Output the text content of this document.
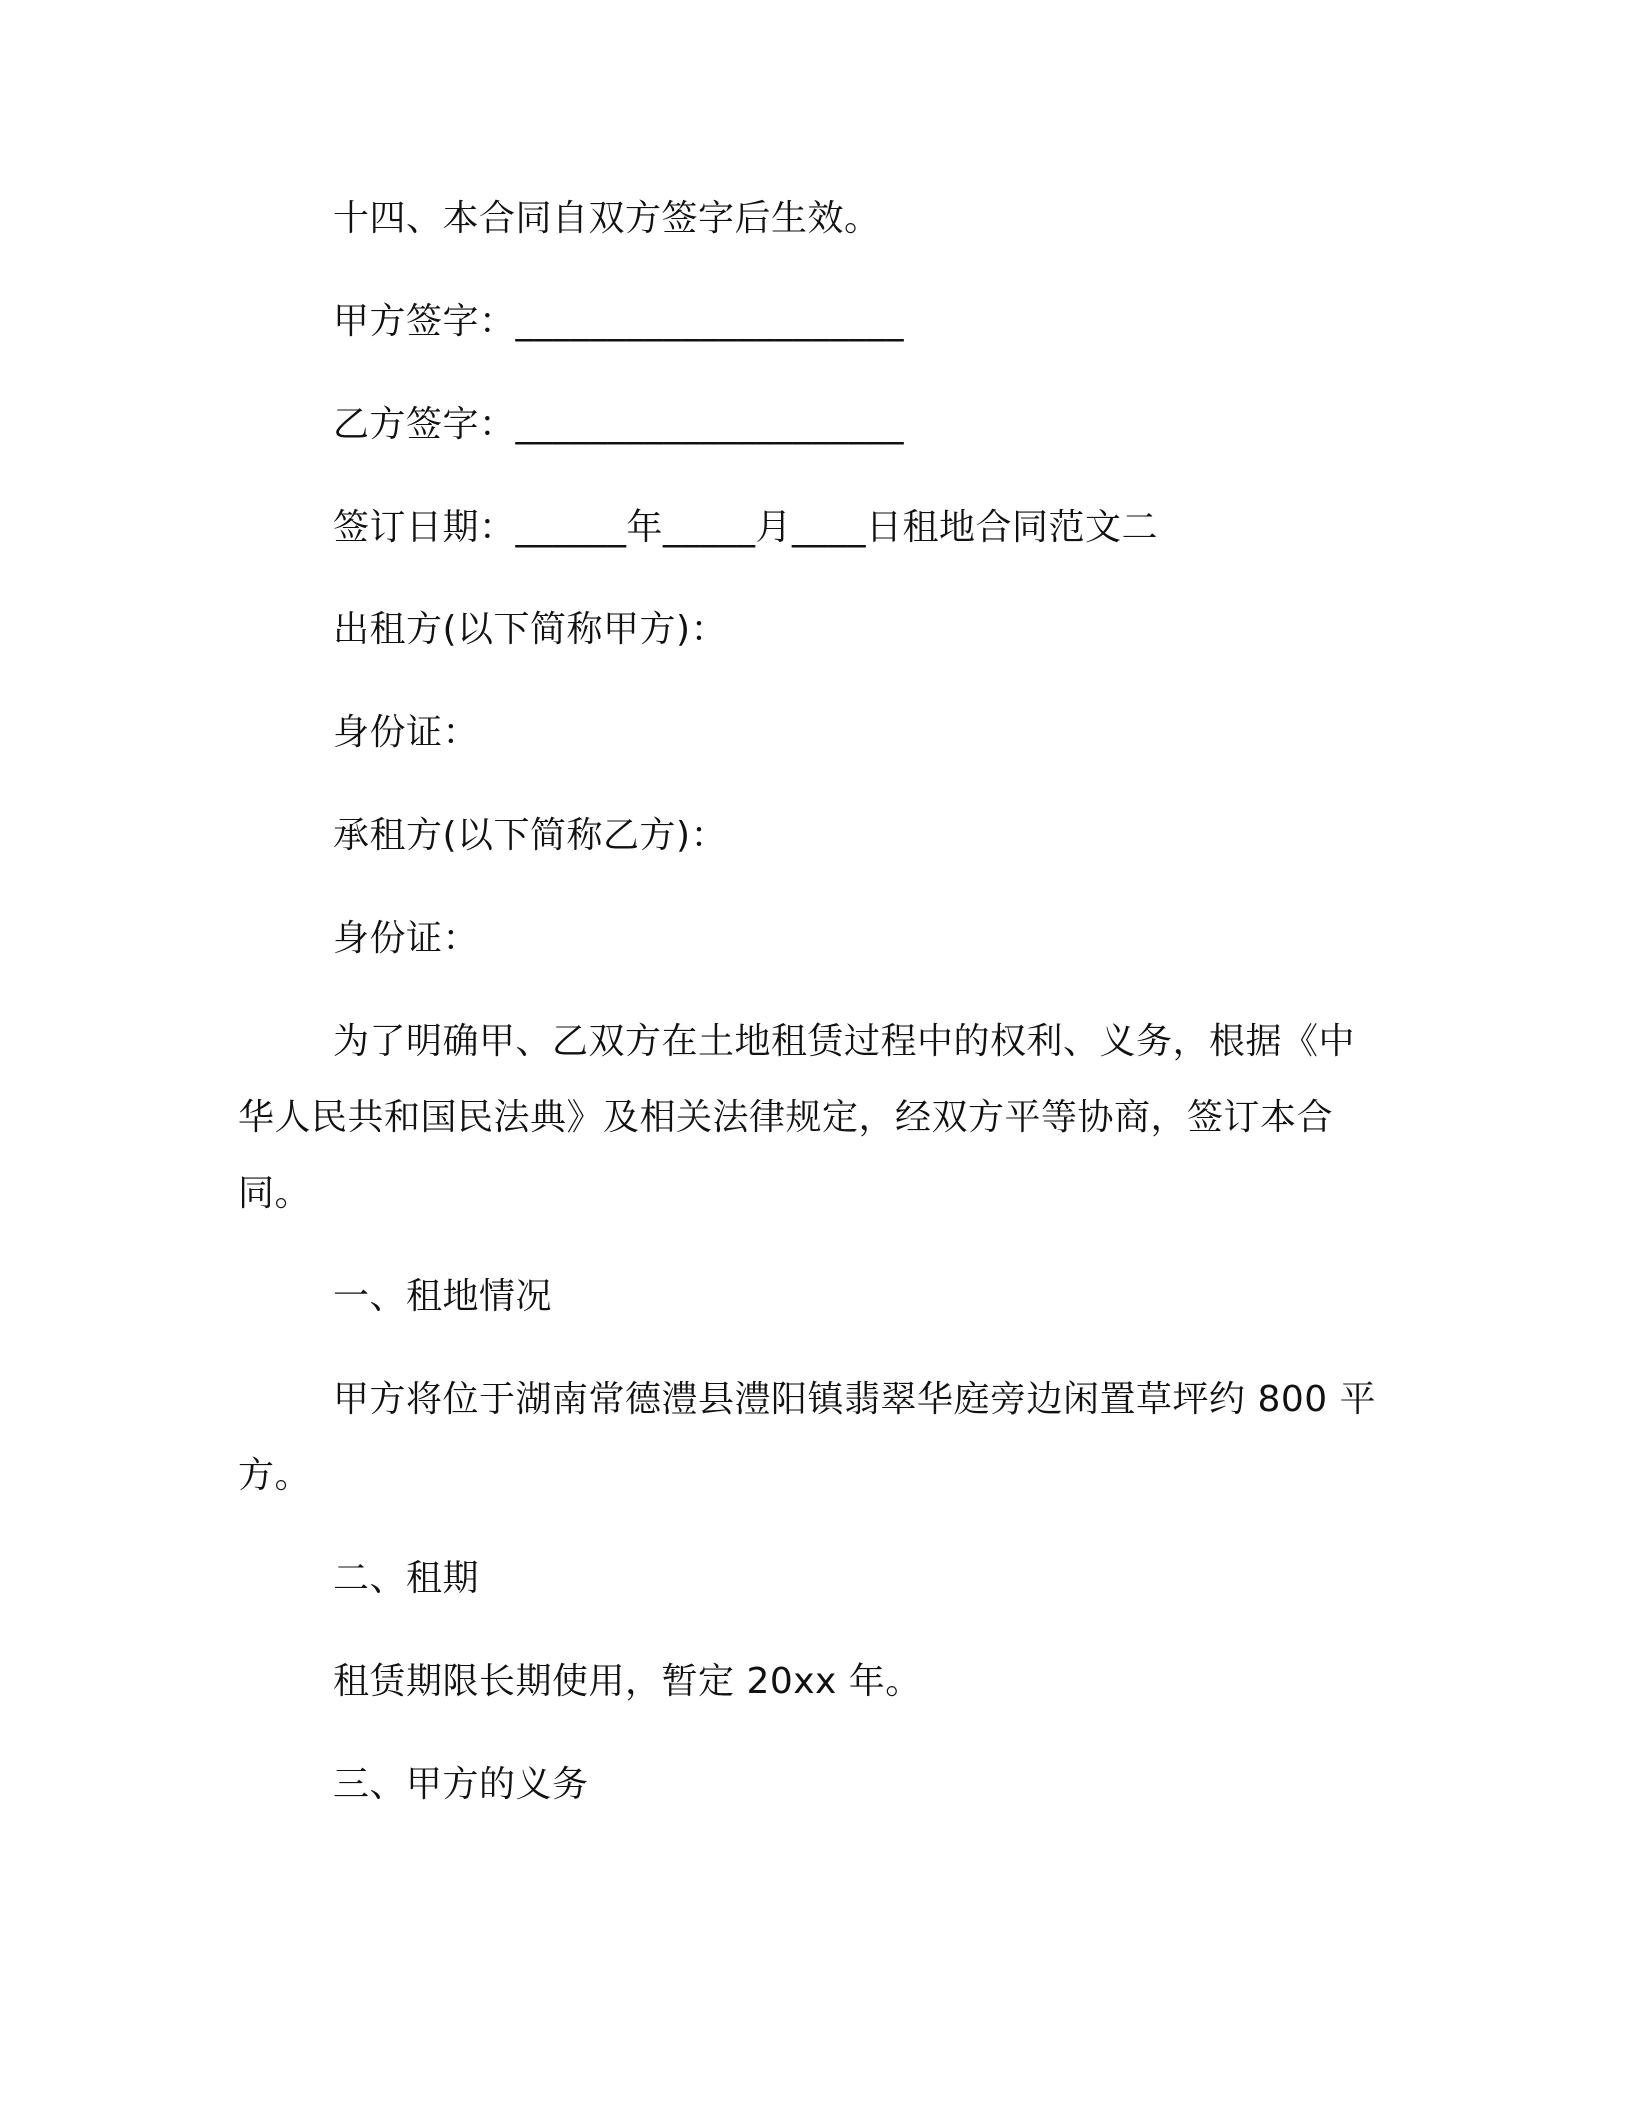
十四、本合同自双方签字后生效。
甲方签字：_____________________
乙方签字：_____________________
签订日期：______年_____月____日租地合同范文二
出租方(以下简称甲方)：
身份证：
承租方(以下简称乙方)：
身份证：
为了明确甲、乙双方在土地租赁过程中的权利、义务，根据《中
华人民共和国民法典》及相关法律规定，经双方平等协商，签订本合
同。
一、租地情况
甲方将位于湖南常德澧县澧阳镇翡翠华庭旁边闲置草坪约 800 平
方。
二、租期
租赁期限长期使用，暂定 20xx 年。
三、甲方的义务
